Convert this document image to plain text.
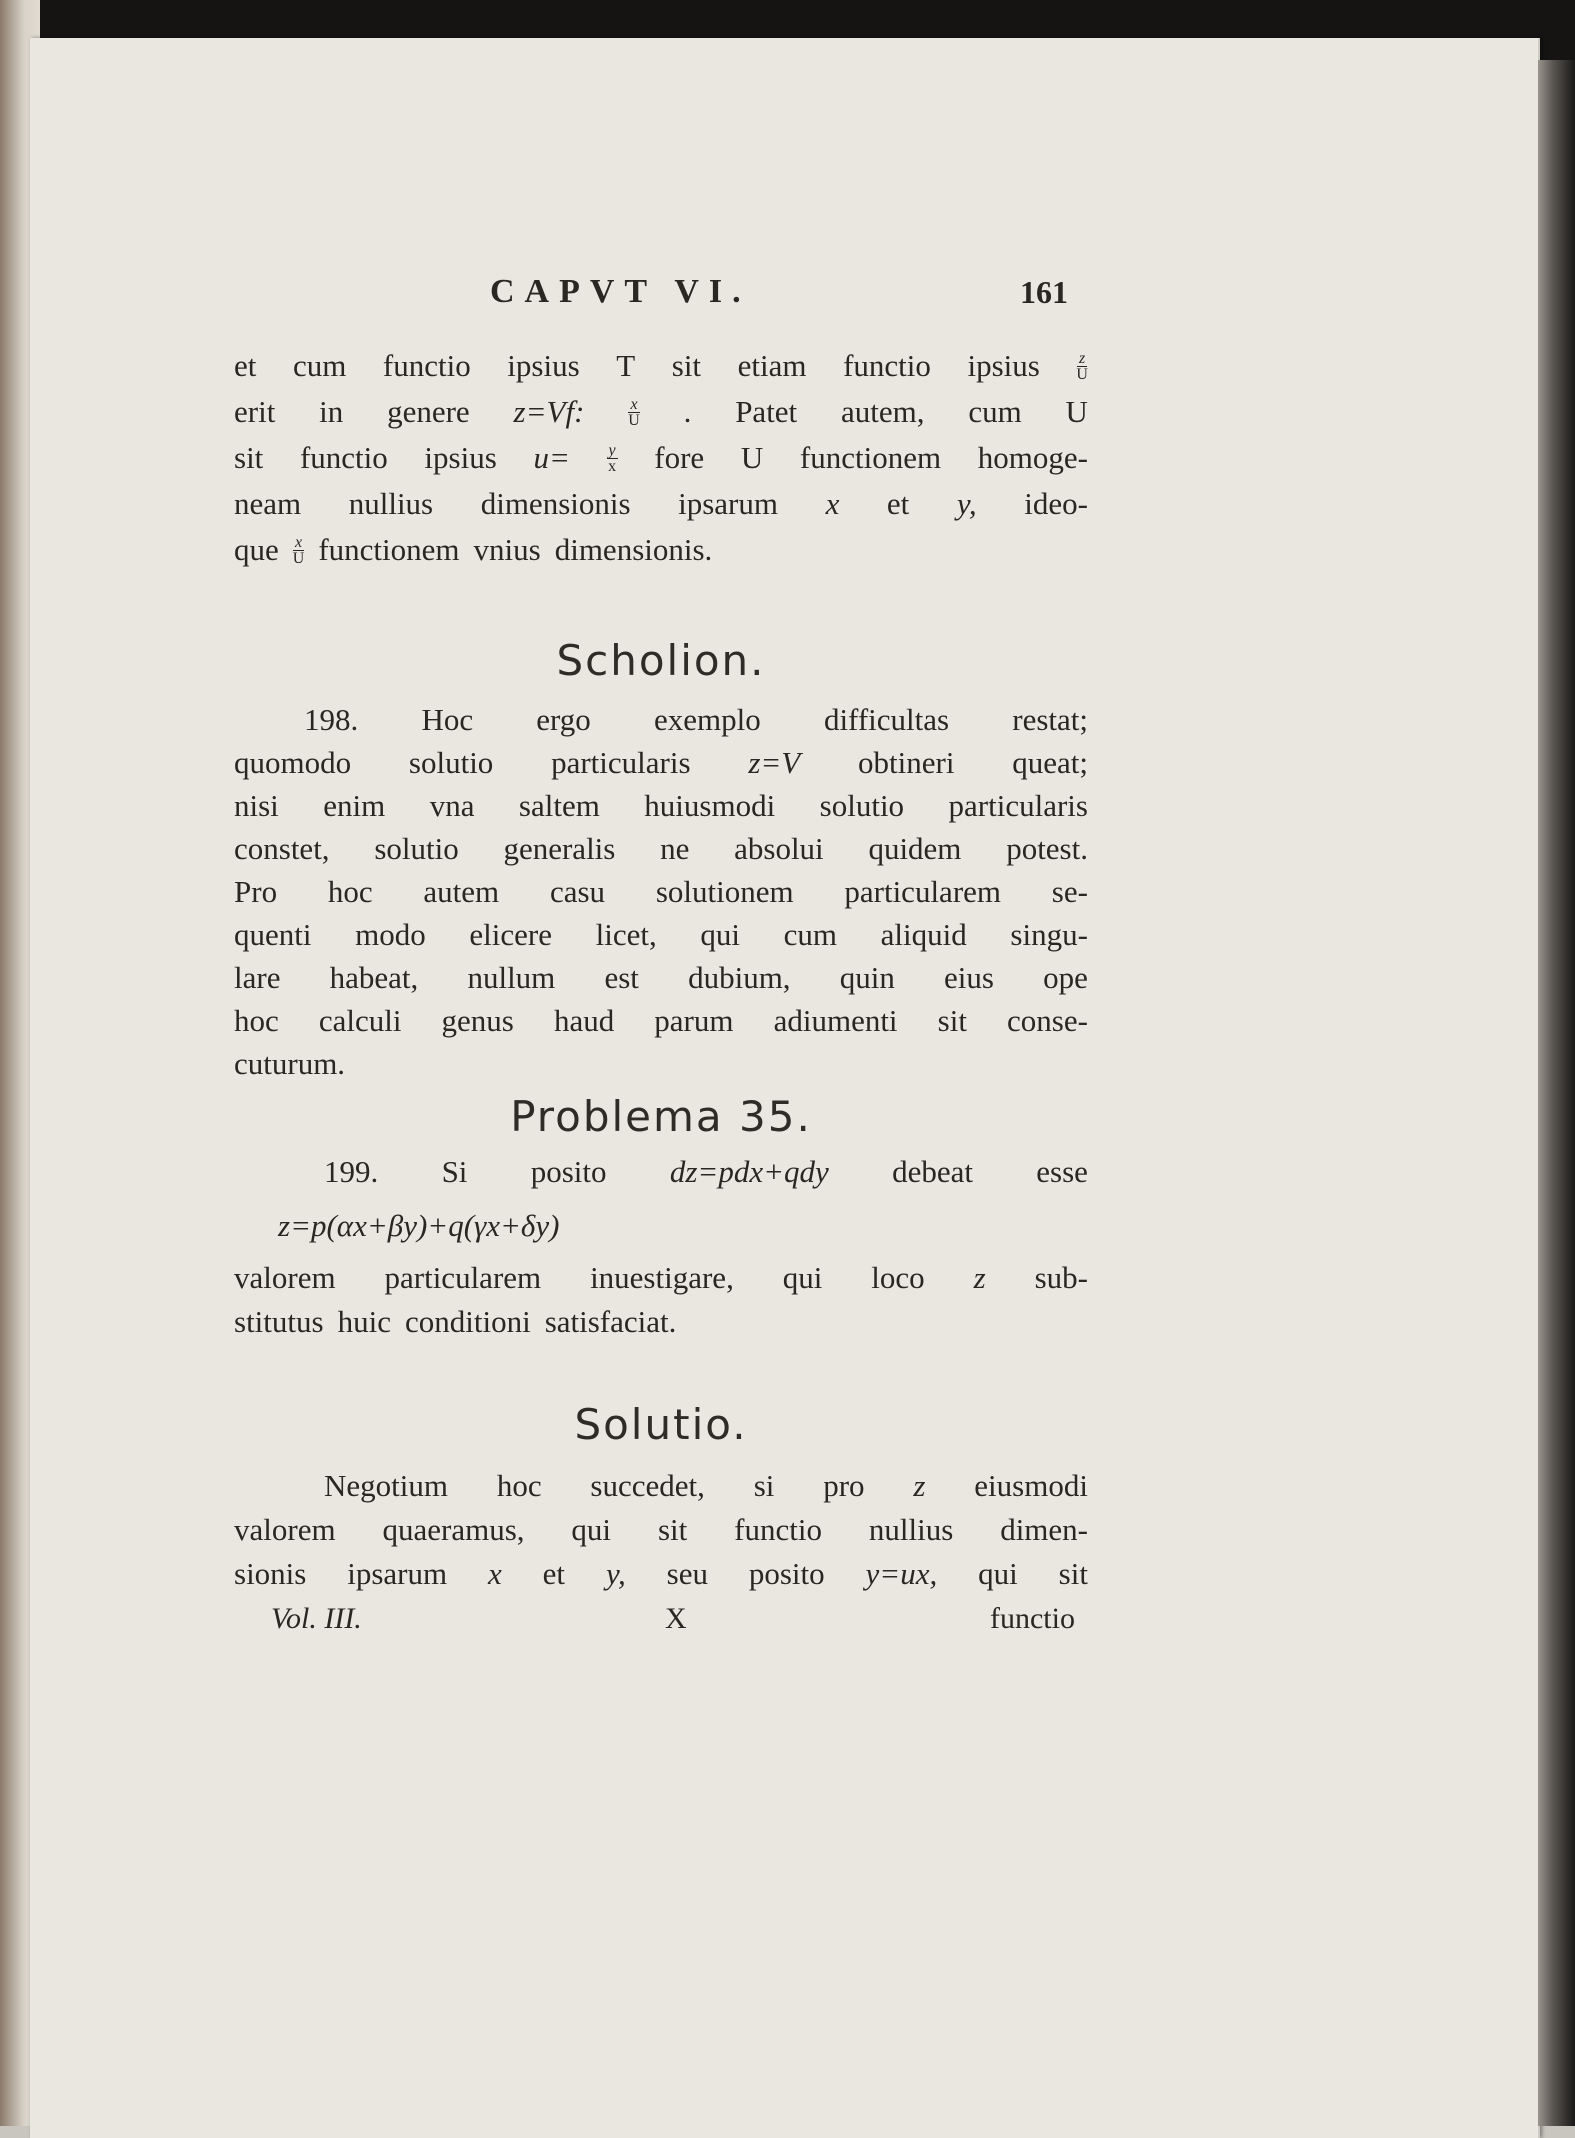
CAPVT VI.	161
et cum functio ipsius T sit etiam functio ipsius $\frac{z}{U}$
erit in genere z=Vf:	$\frac{x}{U}$ . Patet autem, cum U
sit functio ipsius $u= \frac{y}{x}$ fore U functionem homoge-
neam nullius dimensionis ipsarum x et y, ideo-
que $\frac{x}{U}$ functionem vnius dimensionis.
198. Hoc ergo exemplo difficultas restat;
quomodo solutio particularis z=V obtineri queat;
nisi enim vna saltem huiusmodi solutio particularis
constet, solutio generalis ne absolui quidem potest.
Pro hoc autem casu solutionem particularem se-
quenti modo elicere licet, qui cum aliquid singu-
lare habeat, nullum est dubium, quin eius ope
hoc calculi genus haud parum adiumenti sit conse-
cuturum.
199. Si posito dz=pdx+qdy debeat esse
z=p(αx+βy)+q(γx+δy)
valorem particularem inuestigare, qui loco z sub-
stitutus huic conditioni satisfaciat.
Negotium hoc succedet, si pro z eiusmodi
valorem quaeramus, qui sit functio nullius dimen-
sionis ipsarum x et y, seu posito y=ux, qui sit
Scholion.
Problema 35.
Solutio.
Vol. III.	X	functio
